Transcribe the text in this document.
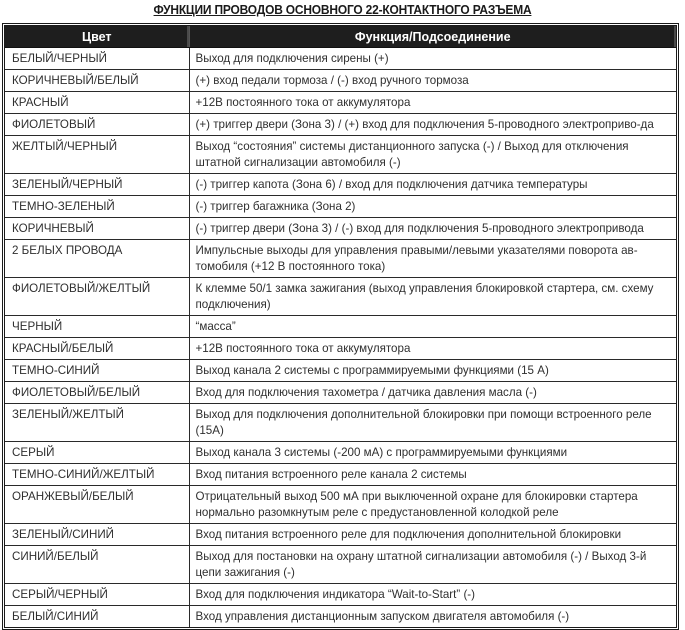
ФУНКЦИИ ПРОВОДОВ ОСНОВНОГО 22-КОНТАКТНОГО РАЗЪЕМА
Цвет	Функция/Подсоединение
БЕЛЫЙ/ЧЕРНЫЙ	Выход для подключения сирены (+)
КОРИЧНЕВЫЙ/БЕЛЫЙ	(+) вход педали тормоза / (-) вход ручного тормоза
КРАСНЫЙ	+12В постоянного тока от аккумулятора
ФИОЛЕТОВЫЙ	(+) триггер двери (Зона 3) / (+) вход для подключения 5-проводного электроприво-да
ЖЕЛТЫЙ/ЧЕРНЫЙ	Выход “состояния” системы дистанционного запуска (-) / Выход для отключения штатной сигнализации автомобиля (-)
ЗЕЛЕНЫЙ/ЧЕРНЫЙ	(-) триггер капота (Зона 6) / вход для подключения датчика температуры
ТЕМНО-ЗЕЛЕНЫЙ	(-) триггер багажника (Зона 2)
КОРИЧНЕВЫЙ	(-) триггер двери (Зона 3) / (-) вход для подключения 5-проводного электропривода
2 БЕЛЫХ ПРОВОДА	Импульсные выходы для управления правыми/левыми указателями поворота ав-томобиля (+12 В постоянного тока)
ФИОЛЕТОВЫЙ/ЖЕЛТЫЙ	К клемме 50/1 замка зажигания (выход управления блокировкой стартера, см. схему подключения)
ЧЕРНЫЙ	“масса”
КРАСНЫЙ/БЕЛЫЙ	+12В постоянного тока от аккумулятора
ТЕМНО-СИНИЙ	Выход канала 2 системы с программируемыми функциями (15 А)
ФИОЛЕТОВЫЙ/БЕЛЫЙ	Вход для подключения тахометра / датчика давления масла (-)
ЗЕЛЕНЫЙ/ЖЕЛТЫЙ	Выход для подключения дополнительной блокировки при помощи встроенного реле (15А)
СЕРЫЙ	Выход канала 3 системы (-200 мА) с программируемыми функциями
ТЕМНО-СИНИЙ/ЖЕЛТЫЙ	Вход питания встроенного реле канала 2 системы
ОРАНЖЕВЫЙ/БЕЛЫЙ	Отрицательный выход 500 мА при выключенной охране для блокировки стартера нормально разомкнутым реле с предустановленной колодкой реле
ЗЕЛЕНЫЙ/СИНИЙ	Вход питания встроенного реле для подключения дополнительной блокировки
СИНИЙ/БЕЛЫЙ	Выход для постановки на охрану штатной сигнализации автомобиля (-) / Выход 3-й цепи зажигания (-)
СЕРЫЙ/ЧЕРНЫЙ	Вход для подключения индикатора “Wait-to-Start” (-)
БЕЛЫЙ/СИНИЙ	Вход управления дистанционным запуском двигателя автомобиля (-)
